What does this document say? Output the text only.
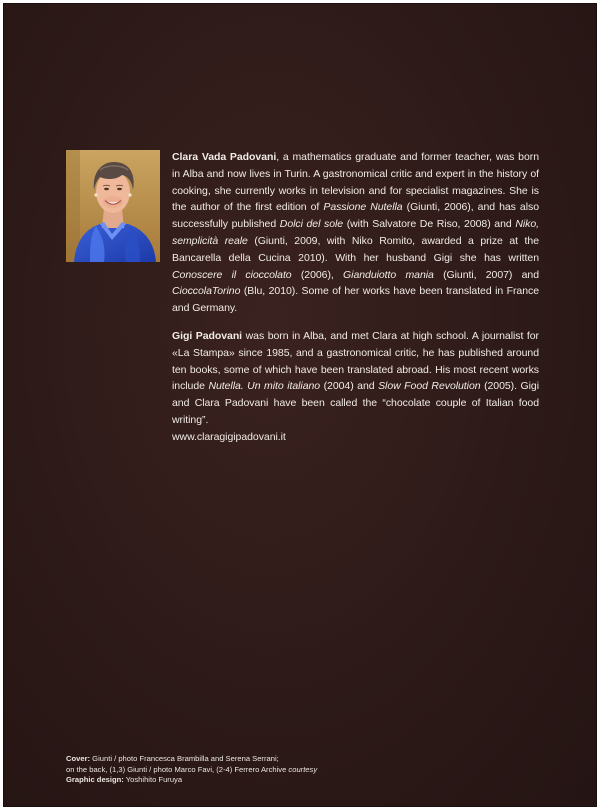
Clara Vada Padovani, a mathematics graduate and former teacher, was born in Alba and now lives in Turin. A gastronomical critic and expert in the history of cooking, she currently works in television and for specialist magazines. She is the author of the first edition of Passione Nutella (Giunti, 2006), and has also successfully published Dolci del sole (with Salvatore De Riso, 2008) and Niko, semplicità reale (Giunti, 2009, with Niko Romito, awarded a prize at the Bancarella della Cucina 2010). With her husband Gigi she has written Conoscere il cioccolato (2006), Gianduiotto mania (Giunti, 2007) and CioccolaTorino (Blu, 2010). Some of her works have been translated in France and Germany.

Gigi Padovani was born in Alba, and met Clara at high school. A journalist for «La Stampa» since 1985, and a gastronomical critic, he has published around ten books, some of which have been translated abroad. His most recent works include Nutella. Un mito italiano (2004) and Slow Food Revolution (2005). Gigi and Clara Padovani have been called the “chocolate couple of Italian food writing”.

www.claragigipadovani.it
Cover: Giunti / photo Francesca Brambilla and Serena Serrani;
on the back, (1,3) Giunti / photo Marco Favi, (2-4) Ferrero Archive courtesy
Graphic design: Yoshihito Furuya
